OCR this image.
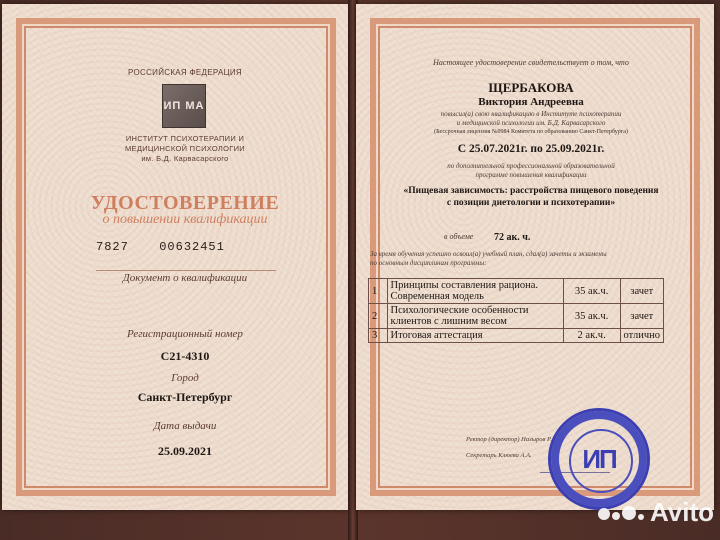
РОССИЙСКАЯ ФЕДЕРАЦИЯ
ИП МА
ИНСТИТУТ ПСИХОТЕРАПИИ И
МЕДИЦИНСКОЙ ПСИХОЛОГИИ
им. Б.Д. Карвасарского
УДОСТОВЕРЕНИЕ
о повышении квалификации
7827	00632451
Документ о квалификации
Регистрационный номер
С21-4310
Город
Санкт-Петербург
Дата выдачи
25.09.2021
Настоящее удостоверение свидетельствует о том, что
ЩЕРБАКОВА
Виктория Андреевна
повысил(а) свою квалификацию в Институте психотерапии
и медицинской психологии им. Б.Д. Карвасарского
(Бессрочная лицензия №0984 Комитета по образованию Санкт-Петербурга)
С 25.07.2021г. по 25.09.2021г.
по дополнительной профессиональной образовательной
программе повышения квалификации
«Пищевая зависимость: расстройства пищевого поведения
с позиции диетологии и психотерапии»
в объеме 72 ак. ч.
За время обучения успешно освоил(а) учебный план, сдал(а) зачеты и экзамены
по основным дисциплинам программы:
1	Принципы составления рациона. Современная модель	35 ак.ч.	зачет
2	Психологические особенности клиентов с лишним весом	35 ак.ч.	зачет
3	Итоговая аттестация	2 ак.ч.	отлично
Ректор (директор) Назыров Р.К.
Секретарь Клюева А.А.	ИП
Avito
